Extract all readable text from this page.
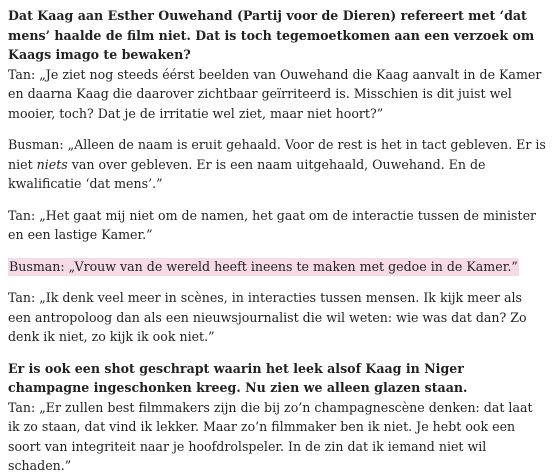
Dat Kaag aan Esther Ouwehand (Partij voor de Dieren) refereert met ‘dat mens’ haalde de film niet. Dat is toch tegemoetkomen aan een verzoek om Kaags imago te bewaken?

Tan: „Je ziet nog steeds éérst beelden van Ouwehand die Kaag aanvalt in de Kamer en daarna Kaag die daarover zichtbaar geïrriteerd is. Misschien is dit juist wel mooier, toch? Dat je de irritatie wel ziet, maar niet hoort?”

Busman: „Alleen de naam is eruit gehaald. Voor de rest is het in tact gebleven. Er is niet niets van over gebleven. Er is een naam uitgehaald, Ouwehand. En de kwalificatie ‘dat mens’.”

Tan: „Het gaat mij niet om de namen, het gaat om de interactie tussen de minister en een lastige Kamer.”

Busman: „Vrouw van de wereld heeft ineens te maken met gedoe in de Kamer.”

Tan: „Ik denk veel meer in scènes, in interacties tussen mensen. Ik kijk meer als een antropoloog dan als een nieuwsjournalist die wil weten: wie was dat dan? Zo denk ik niet, zo kijk ik ook niet.”

Er is ook een shot geschrapt waarin het leek alsof Kaag in Niger champagne ingeschonken kreeg. Nu zien we alleen glazen staan.

Tan: „Er zullen best filmmakers zijn die bij zo’n champagnescène denken: dat laat ik zo staan, dat vind ik lekker. Maar zo’n filmmaker ben ik niet. Je hebt ook een soort van integriteit naar je hoofdrolspeler. In de zin dat ik iemand niet wil schaden.”
